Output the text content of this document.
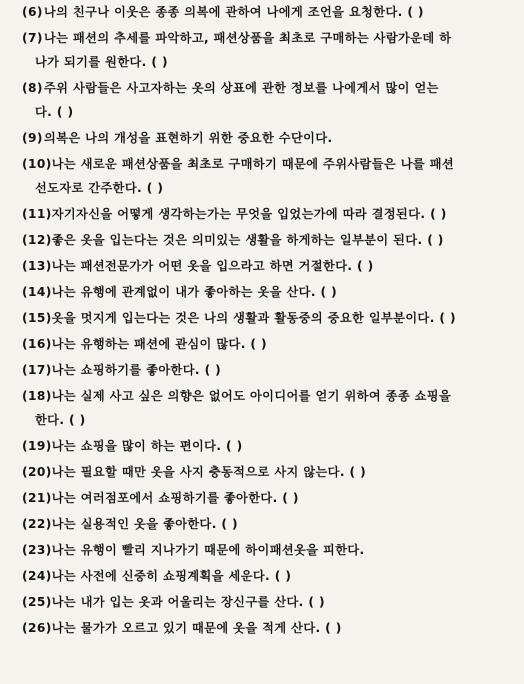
(6)나의 친구나 이웃은 종종 의복에 관하여 나에게 조언을 요청한다. ( )
(7)나는 패션의 추세를 파악하고, 패션상품을 최초로 구매하는 사람가운데 하
나가 되기를 원한다. ( )
(8)주위 사람들은 사고자하는 옷의 상표에 관한 정보를 나에게서 많이 얻는
다. ( )
(9)의복은 나의 개성을 표현하기 위한 중요한 수단이다.
(10)나는 새로운 패션상품을 최초로 구매하기 때문에 주위사람들은 나를 패션
선도자로 간주한다. ( )
(11)자기자신을 어떻게 생각하는가는 무엇을 입었는가에 따라 결정된다. ( )
(12)좋은 옷을 입는다는 것은 의미있는 생활을 하게하는 일부분이 된다. ( )
(13)나는 패션전문가가 어떤 옷을 입으라고 하면 거절한다. ( )
(14)나는 유행에 관계없이 내가 좋아하는 옷을 산다. ( )
(15)옷을 멋지게 입는다는 것은 나의 생활과 활동중의 중요한 일부분이다. ( )
(16)나는 유행하는 패션에 관심이 많다. ( )
(17)나는 쇼핑하기를 좋아한다. ( )
(18)나는 실제 사고 싶은 의향은 없어도 아이디어를 얻기 위하여 종종 쇼핑을
한다. ( )
(19)나는 쇼핑을 많이 하는 편이다. ( )
(20)나는 필요할 때만 옷을 사지 충동적으로 사지 않는다. ( )
(21)나는 여러점포에서 쇼핑하기를 좋아한다. ( )
(22)나는 실용적인 옷을 좋아한다. ( )
(23)나는 유행이 빨리 지나가기 때문에 하이패션옷을 피한다.
(24)나는 사전에 신중히 쇼핑계획을 세운다. ( )
(25)나는 내가 입는 옷과 어울리는 장신구를 산다. ( )
(26)나는 물가가 오르고 있기 때문에 옷을 적게 산다. ( )
